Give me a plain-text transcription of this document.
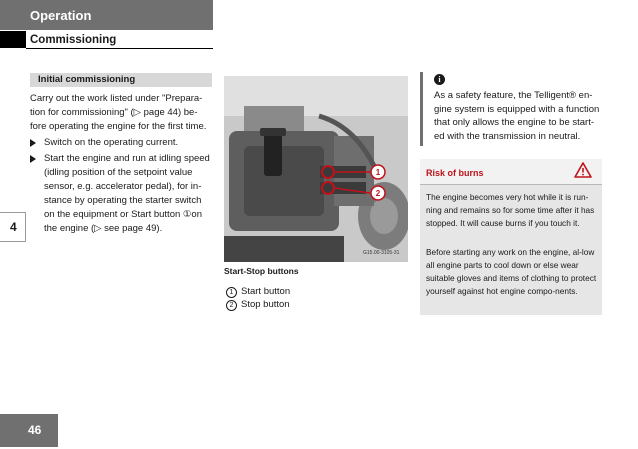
Operation
Commissioning
4
46
Initial commissioning
Carry out the work listed under "Prepara-tion for commissioning" (▷ page 44) be-fore operating the engine for the first time.
Switch on the operating current.
Start the engine and run at idling speed (idling position of the setpoint value sensor, e.g. accelerator pedal), for in-stance by operating the starter switch on the equipment or Start button ①on the engine (▷ see page 49).
1
2
G15.00-3105-31
Start-Stop buttons
1 Start button
2 Stop button
i
As a safety feature, the Telligent® en-gine system is equipped with a function that only allows the engine to be start-ed with the transmission in neutral.
Risk of burns
The engine becomes very hot while it is run-ning and remains so for some time after it has stopped. It will cause burns if you touch it.
Before starting any work on the engine, al-low all engine parts to cool down or else wear suitable gloves and items of clothing to protect yourself against hot engine compo-nents.
